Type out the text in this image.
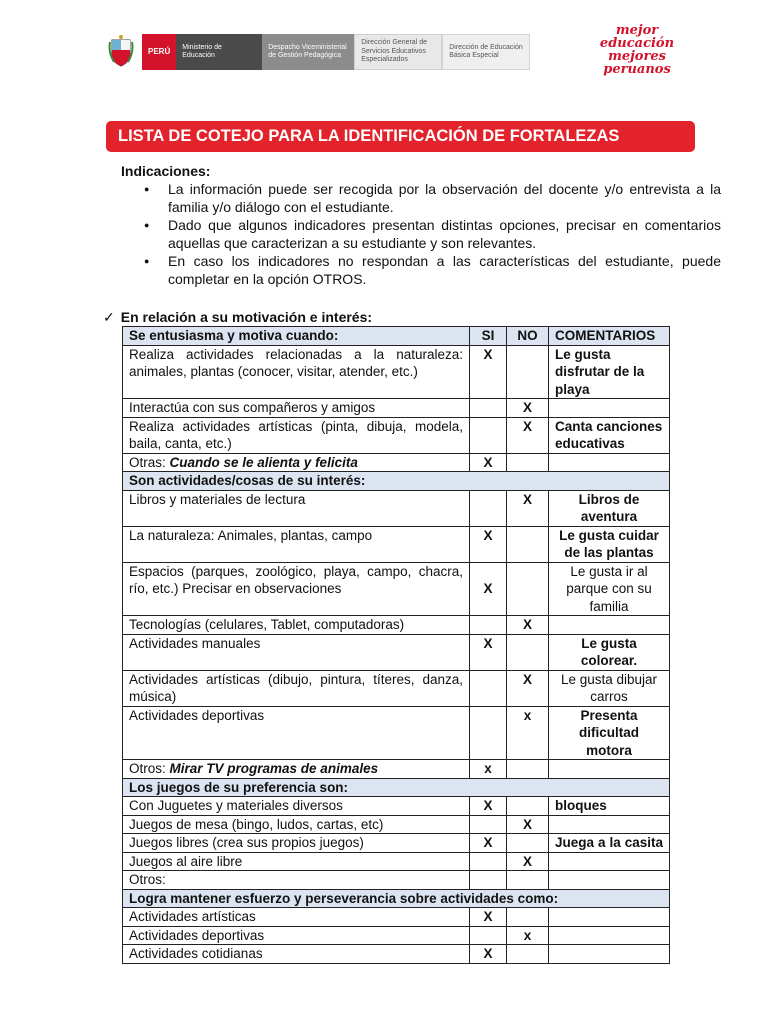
PERÚ	Ministerio de Educación
Despacho Viceministerial de Gestión Pedagógica
Dirección General de Servicios Educativos Especializados
Dirección de Educación Básica Especial
mejor
educación
mejores
peruanos
LISTA DE COTEJO PARA LA IDENTIFICACIÓN DE FORTALEZAS
Indicaciones:
● La información puede ser recogida por la observación del docente y/o entrevista a la familia y/o diálogo con el estudiante.
● Dado que algunos indicadores presentan distintas opciones, precisar en comentarios aquellas que caracterizan a su estudiante y son relevantes.
● En caso los indicadores no respondan a las características del estudiante, puede completar en la opción OTROS.
✓ En relación a su motivación e interés:
Se entusiasma y motiva cuando:	SI	NO	COMENTARIOS
Realiza actividades relacionadas a la naturaleza: animales, plantas (conocer, visitar, atender, etc.)	X		Le gusta disfrutar de la playa
Interactúa con sus compañeros y amigos		X	
Realiza actividades artísticas (pinta, dibuja, modela, baila, canta, etc.)		X	Canta canciones educativas
Otras: Cuando se le alienta y felicita	X		
Son actividades/cosas de su interés:			
Libros y materiales de lectura		X	Libros de aventura
La naturaleza: Animales, plantas, campo	X		Le gusta cuidar de las plantas
Espacios (parques, zoológico, playa, campo, chacra, río, etc.) Precisar en observaciones	X		Le gusta ir al parque con su familia
Tecnologías (celulares, Tablet, computadoras)		X	
Actividades manuales	X		Le gusta colorear.
Actividades artísticas (dibujo, pintura, títeres, danza, música)		X	Le gusta dibujar carros
Actividades deportivas		x	Presenta dificultad motora
Otros: Mirar TV programas de animales	x		
Los juegos de su preferencia son:			
Con Juguetes y materiales diversos	X		bloques
Juegos de mesa (bingo, ludos, cartas, etc)		X	
Juegos libres (crea sus propios juegos)	X		Juega a la casita
Juegos al aire libre		X	
Otros:			
Logra mantener esfuerzo y perseverancia sobre actividades como:			
Actividades artísticas	X		
Actividades deportivas		x	
Actividades cotidianas	X		
